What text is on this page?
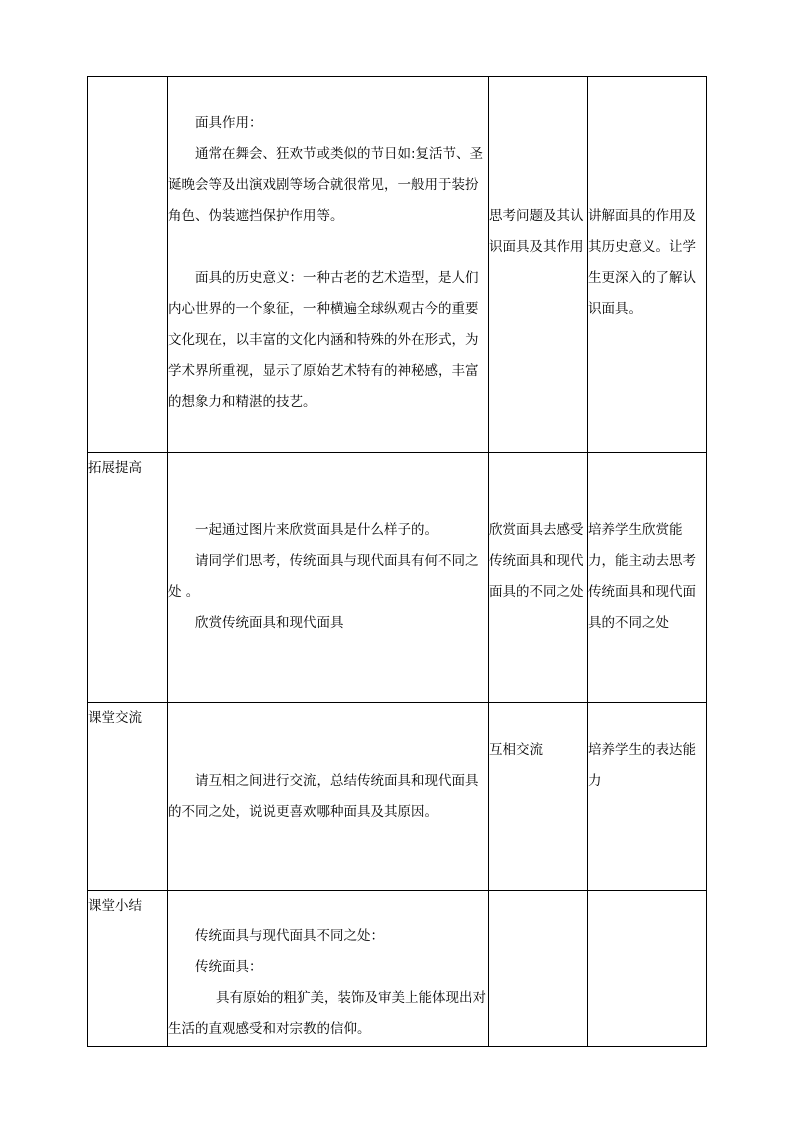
	面具作用：

通常在舞会、狂欢节或类似的节日如:复活节、圣诞晚会等及出演戏剧等场合就很常见，一般用于装扮角色、伪装遮挡保护作用等。

面具的历史意义：一种古老的艺术造型，是人们内心世界的一个象征，一种横遍全球纵观古今的重要文化现在，以丰富的文化内涵和特殊的外在形式，为学术界所重视，显示了原始艺术特有的神秘感，丰富的想象力和精湛的技艺。	思考问题及其认识面具及其作用	讲解面具的作用及其历史意义。让学生更深入的了解认识面具。

拓展提高	一起通过图片来欣赏面具是什么样子的。

请同学们思考，传统面具与现代面具有何不同之处 。

欣赏传统面具和现代面具	欣赏面具去感受传统面具和现代面具的不同之处	培养学生欣赏能力，能主动去思考传统面具和现代面具的不同之处

课堂交流	请互相之间进行交流，总结传统面具和现代面具的不同之处，说说更喜欢哪种面具及其原因。	互相交流	培养学生的表达能力

课堂小结	传统面具与现代面具不同之处：

传统面具：

具有原始的粗犷美，装饰及审美上能体现出对生活的直观感受和对宗教的信仰。		
